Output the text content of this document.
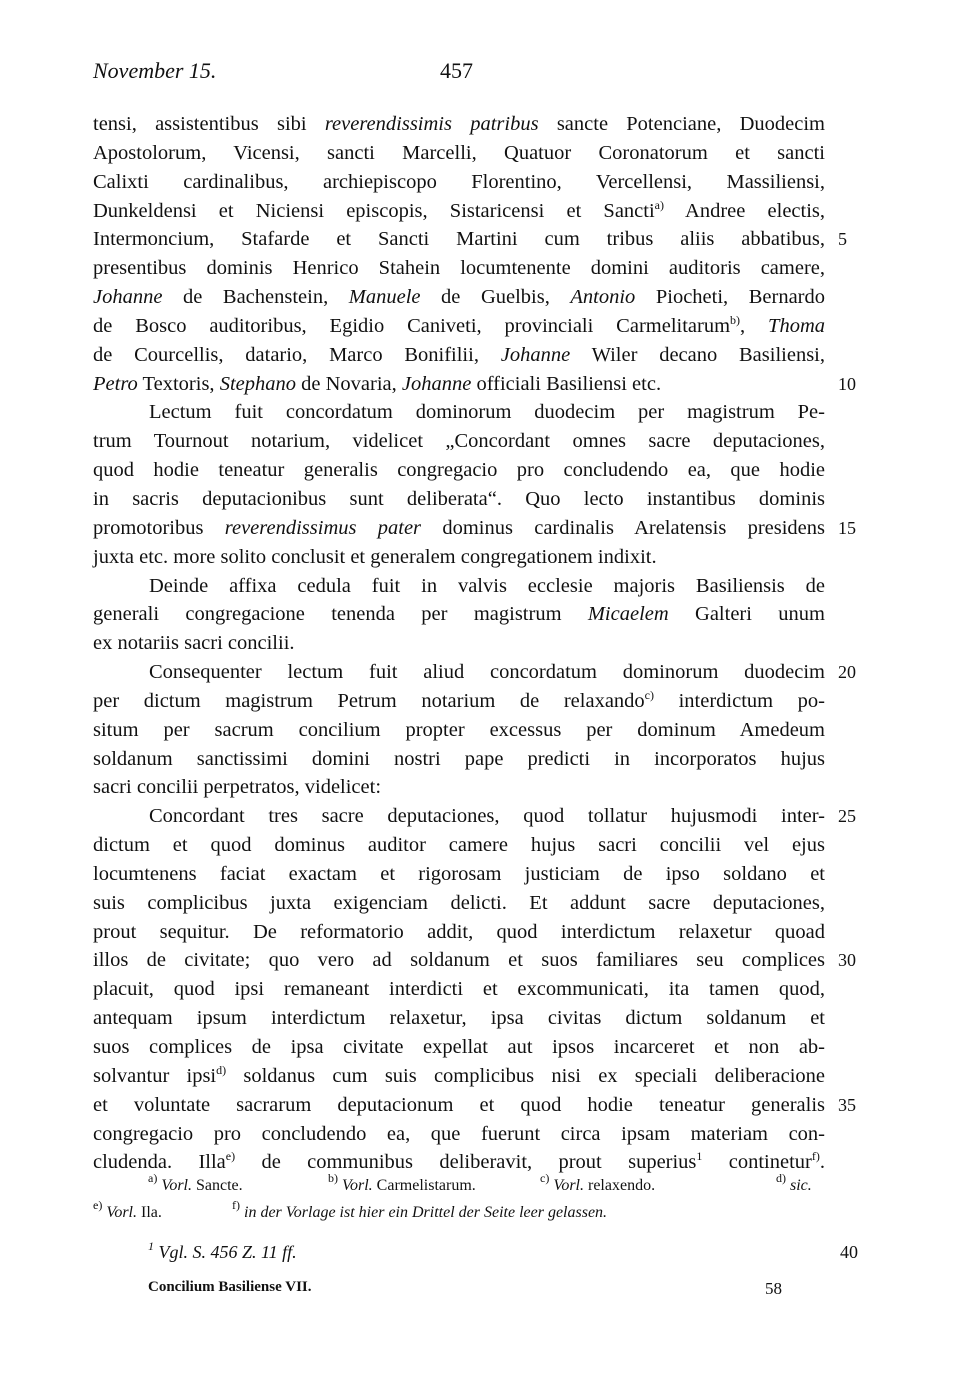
November 15.	457
tensi, assistentibus sibi reverendissimis patribus sancte Potenciane, Duodecim
Apostolorum, Vicensi, sancti Marcelli, Quatuor Coronatorum et sancti
Calixti cardinalibus, archiepiscopo Florentino, Vercellensi, Massiliensi,
Dunkeldensi et Niciensi episcopis, Sistaricensi et Sancti$^{a)}$ Andree electis,
Intermoncium, Stafarde et Sancti Martini cum tribus aliis abbatibus, 5
presentibus dominis Henrico Stahein locumtenente domini auditoris camere,
Johanne de Bachenstein, Manuele de Guelbis, Antonio Piocheti, Bernardo
de Bosco auditoribus, Egidio Caniveti, provinciali Carmelitarum$^{b)}$, Thoma
de Courcellis, datario, Marco Bonifilii, Johanne Wiler decano Basiliensi,
Petro Textoris, Stephano de Novaria, Johanne officiali Basiliensi etc.	10
Lectum fuit concordatum dominorum duodecim per magistrum Pe-
trum Tournout notarium, videlicet „Concordant omnes sacre deputaciones,
quod hodie teneatur generalis congregacio pro concludendo ea, que hodie
in sacris deputacionibus sunt deliberata“. Quo lecto instantibus dominis
promotoribus reverendissimus pater dominus cardinalis Arelatensis presidens 15
juxta etc. more solito conclusit et generalem congregationem indixit.
Deinde affixa cedula fuit in valvis ecclesie majoris Basiliensis de
generali congregacione tenenda per magistrum Micaelem Galteri unum
ex notariis sacri concilii.
Consequenter lectum fuit aliud concordatum dominorum duodecim 20
per dictum magistrum Petrum notarium de relaxando$^{c)}$ interdictum po-
situm per sacrum concilium propter excessus per dominum Amedeum
soldanum sanctissimi domini nostri pape predicti in incorporatos hujus
sacri concilii perpetratos, videlicet:
Concordant tres sacre deputaciones, quod tollatur hujusmodi inter- 25
dictum et quod dominus auditor camere hujus sacri concilii vel ejus
locumtenens faciat exactam et rigorosam justiciam de ipso soldano et
suis complicibus juxta exigenciam delicti. Et addunt sacre deputaciones,
prout sequitur. De reformatorio addit, quod interdictum relaxetur quoad
illos de civitate; quo vero ad soldanum et suos familiares seu complices 30
placuit, quod ipsi remaneant interdicti et excommunicati, ita tamen quod,
antequam ipsum interdictum relaxetur, ipsa civitas dictum soldanum et
suos complices de ipsa civitate expellat aut ipsos incarceret et non ab-
solvantur ipsi$^{d)}$ soldanus cum suis complicibus nisi ex speciali deliberacione
et voluntate sacrarum deputacionum et quod hodie teneatur generalis 35
congregacio pro concludendo ea, que fuerunt circa ipsam materiam con-
cludenda. Illa$^{e)}$ de communibus deliberavit, prout superius$^1$ continetur$^{f)}$.
$^{a)}$ Vorl. Sancte.	$^{b)}$ Vorl. Carmelistarum.	$^{c)}$ Vorl. relaxendo.	$^{d)}$ sic.
$^{e)}$ Vorl. Ila.	$^{f)}$ in der Vorlage ist hier ein Drittel der Seite leer gelassen.
$^1$ Vgl. S. 456 Z. 11 ff.	40
Concilium Basiliense VII.	58
